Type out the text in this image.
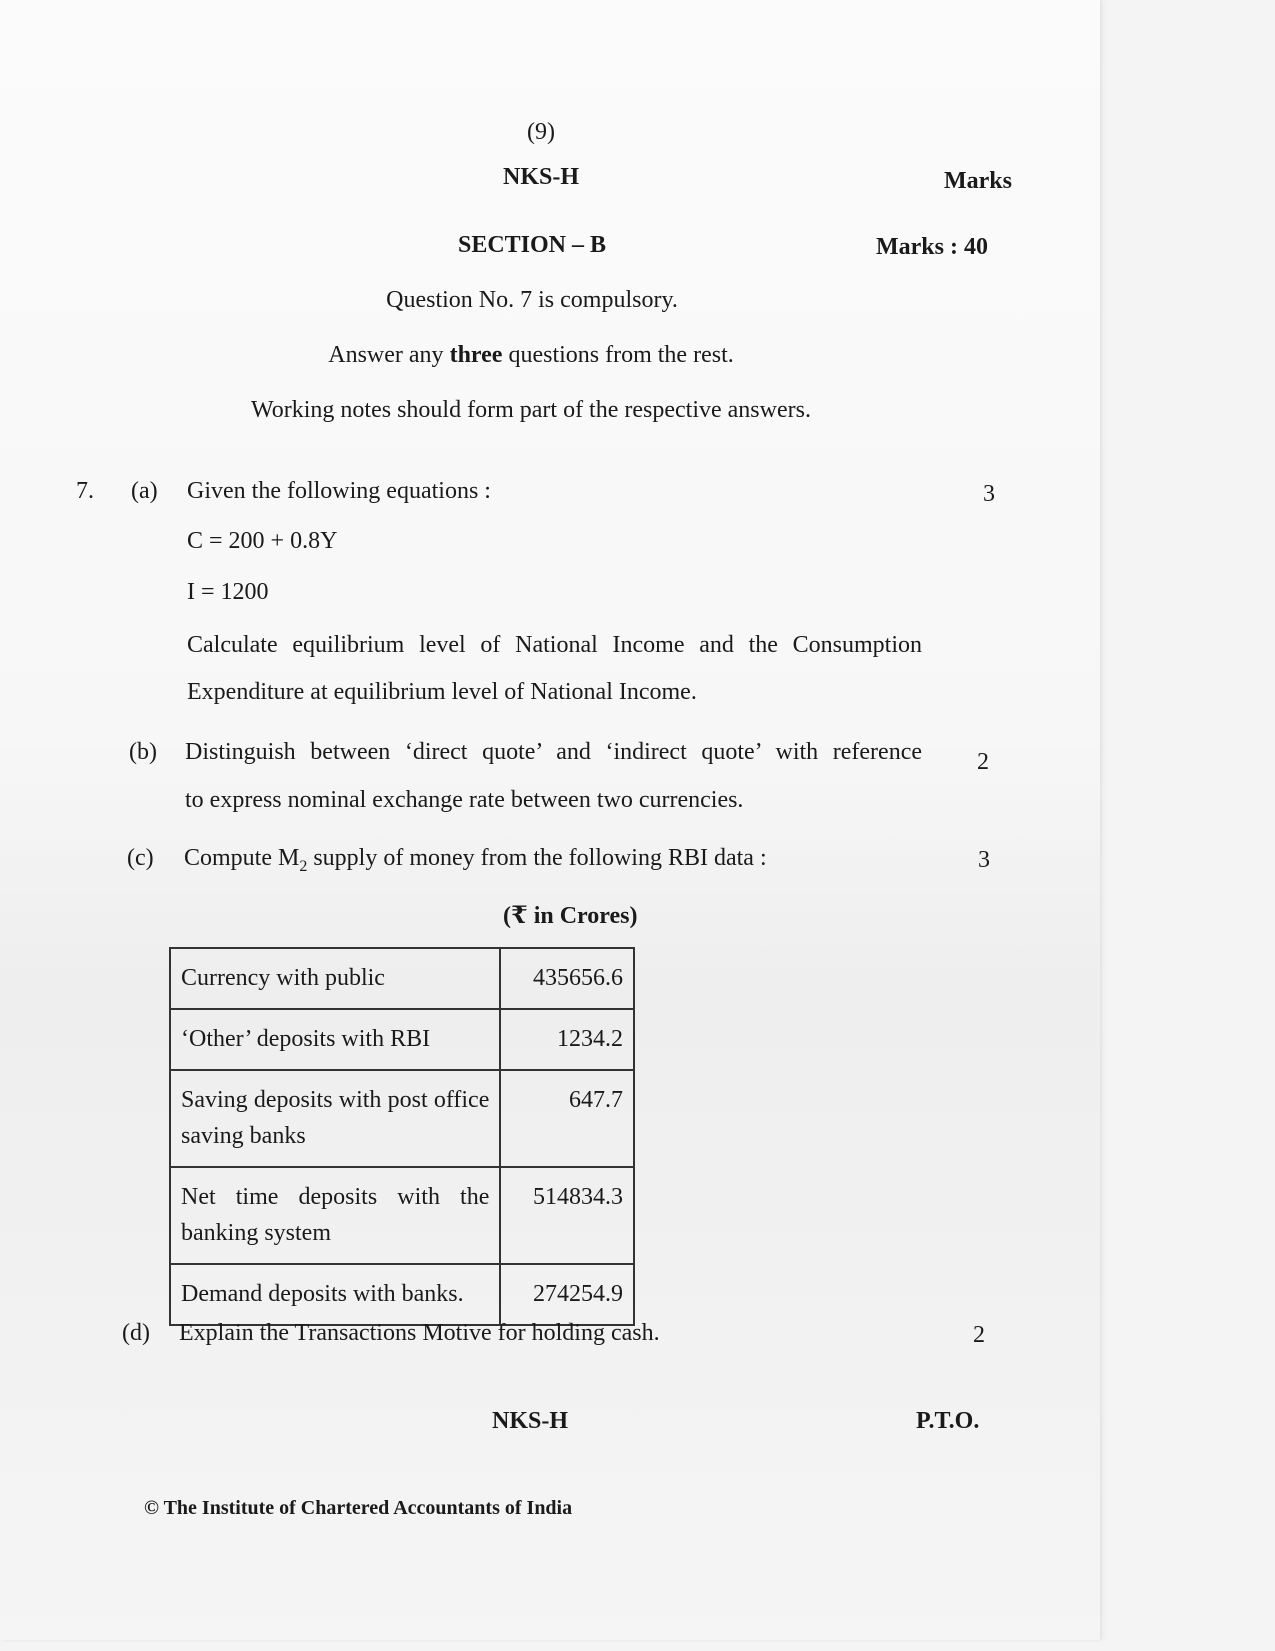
(9)
NKS-H	Marks
SECTION – B	Marks : 40
Question No. 7 is compulsory.
Answer any three questions from the rest.
Working notes should form part of the respective answers.
7. (a) Given the following equations :	3
C = 200 + 0.8Y
I = 1200
Calculate equilibrium level of National Income and the Consumption
Expenditure at equilibrium level of National Income.
(b) Distinguish between ‘direct quote’ and ‘indirect quote’ with reference 2
to express nominal exchange rate between two currencies.
(c) Compute $M_2$ supply of money from the following RBI data :	3
(₹ in Crores)
Currency with public	435656.6
‘Other’ deposits with RBI	1234.2
Saving deposits with post office saving banks	647.7
Net time deposits with the banking system	514834.3
Demand deposits with banks.	274254.9
(d) Explain the Transactions Motive for holding cash.	2
NKS-H	P.T.O.
© The Institute of Chartered Accountants of India
